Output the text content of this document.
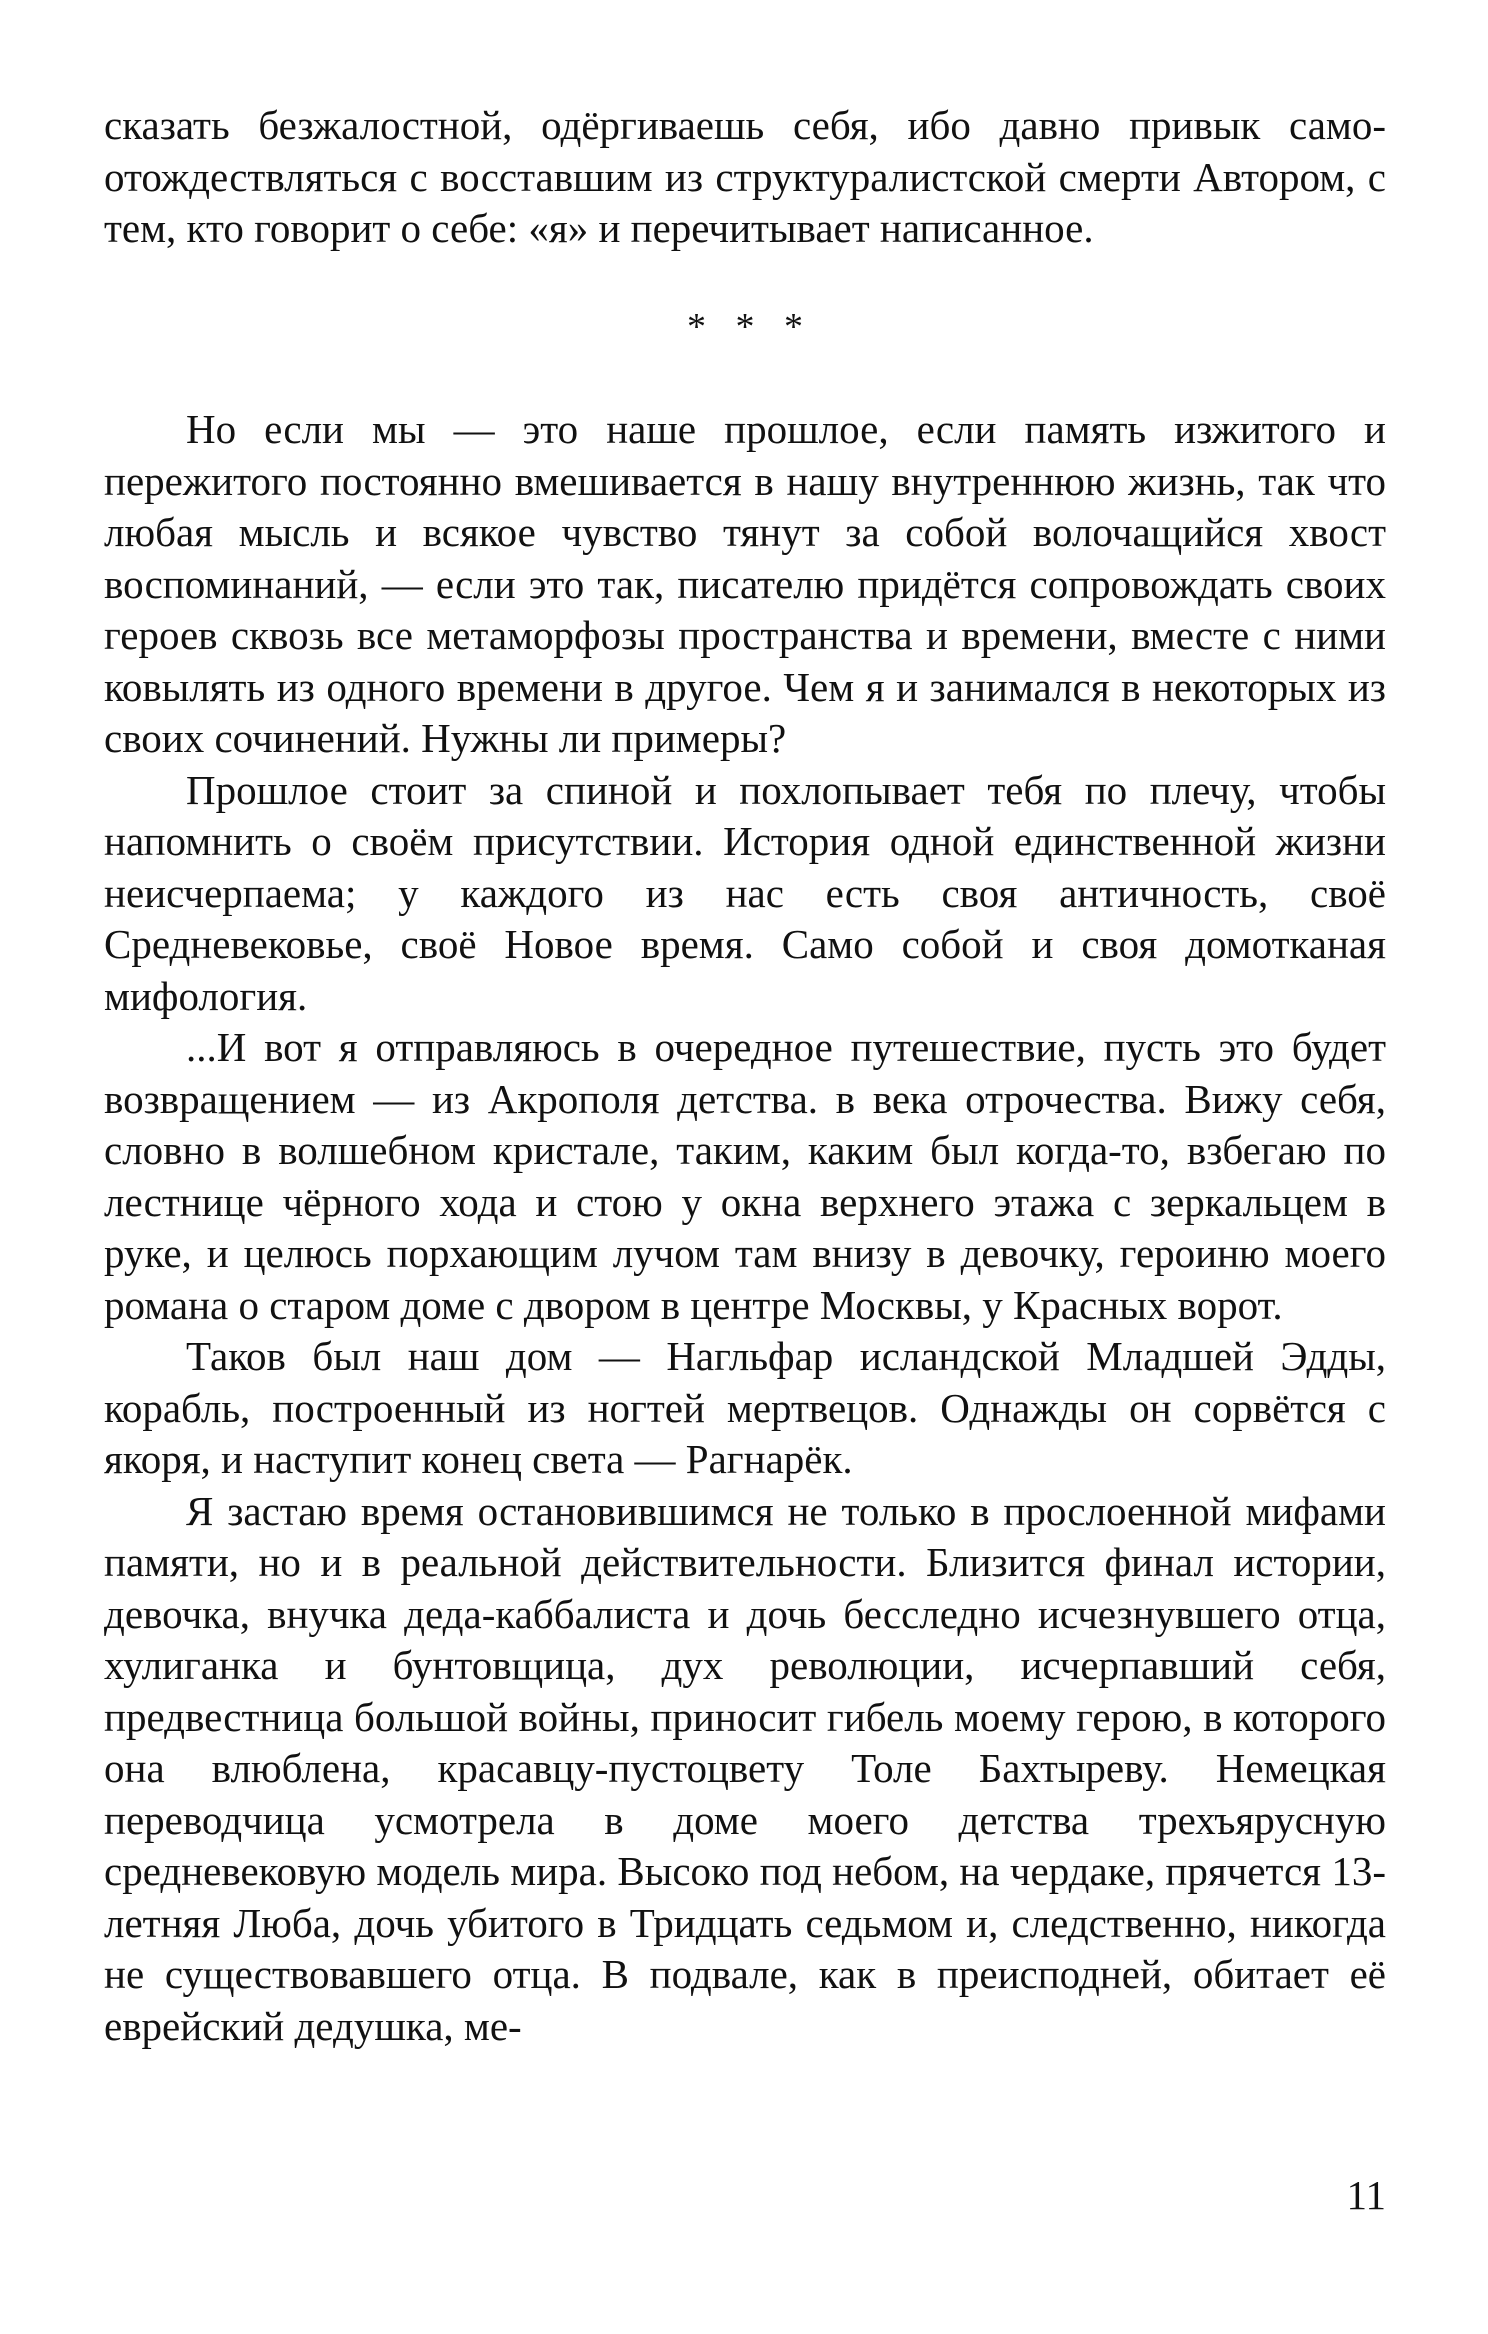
сказать безжалостной, одёргиваешь себя, ибо давно привык самоотождествляться с восставшим из структуралистской смерти Автором, с тем, кто говорит о себе: «я» и перечитывает написанное.

* * *

Но если мы — это наше прошлое, если память изжитого и пережитого постоянно вмешивается в нашу внутреннюю жизнь, так что любая мысль и всякое чувство тянут за собой волочащийся хвост воспоминаний, — если это так, писателю придётся сопровождать своих героев сквозь все метаморфозы пространства и времени, вместе с ними ковылять из одного времени в другое. Чем я и занимался в некоторых из своих сочинений. Нужны ли примеры?

Прошлое стоит за спиной и похлопывает тебя по плечу, чтобы напомнить о своём присутствии. История одной единственной жизни неисчерпаема; у каждого из нас есть своя античность, своё Средневековье, своё Новое время. Само собой и своя домотканая мифология.

...И вот я отправляюсь в очередное путешествие, пусть это будет возвращением — из Акрополя детства. в века отрочества. Вижу себя, словно в волшебном кристале, таким, каким был когда-то, взбегаю по лестнице чёрного хода и стою у окна верхнего этажа с зеркальцем в руке, и целюсь порхающим лучом там внизу в девочку, героиню моего романа о старом доме с двором в центре Москвы, у Красных ворот.

Таков был наш дом — Нагльфар исландской Младшей Эдды, корабль, построенный из ногтей мертвецов. Однажды он сорвётся с якоря, и наступит конец света — Рагнарёк.

Я застаю время остановившимся не только в прослоенной мифами памяти, но и в реальной действительности. Близится финал истории, девочка, внучка деда-каббалиста и дочь бесследно исчезнувшего отца, хулиганка и бунтовщица, дух революции, исчерпавший себя, предвестница большой войны, приносит гибель моему герою, в которого она влюблена, красавцу-пустоцвету Толе Бахтыреву. Немецкая переводчица усмотрела в доме моего детства трехъярусную средневековую модель мира. Высоко под небом, на чердаке, прячется 13-летняя Люба, дочь убитого в Тридцать седьмом и, следственно, никогда не существовавшего отца. В подвале, как в преисподней, обитает её еврейский дедушка, ме-

11
